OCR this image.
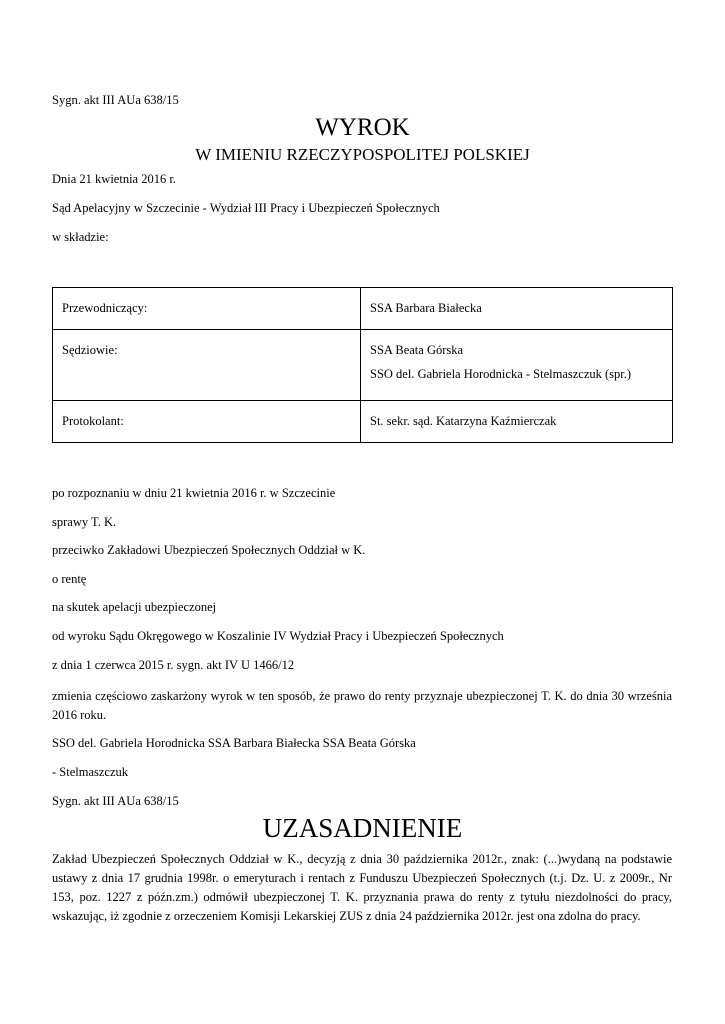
Sygn. akt III AUa 638/15
WYROK
W IMIENIU RZECZYPOSPOLITEJ POLSKIEJ
Dnia 21 kwietnia 2016 r.
Sąd Apelacyjny w Szczecinie - Wydział III Pracy i Ubezpieczeń Społecznych
w składzie:
Przewodniczący:	SSA Barbara Białecka

Sędziowie:	SSA Beata Górska
SSO del. Gabriela Horodnicka - Stelmaszczuk (spr.)

Protokolant:	St. sekr. sąd. Katarzyna Kaźmierczak
po rozpoznaniu w dniu 21 kwietnia 2016 r. w Szczecinie
sprawy T. K.
przeciwko Zakładowi Ubezpieczeń Społecznych Oddział w K.
o rentę
na skutek apelacji ubezpieczonej
od wyroku Sądu Okręgowego w Koszalinie IV Wydział Pracy i Ubezpieczeń Społecznych
z dnia 1 czerwca 2015 r. sygn. akt IV U 1466/12
zmienia częściowo zaskarżony wyrok w ten sposób, że prawo do renty przyznaje ubezpieczonej T. K. do dnia 30 września 2016 roku.
SSO del. Gabriela Horodnicka SSA Barbara Białecka SSA Beata Górska
- Stelmaszczuk
Sygn. akt III AUa 638/15
UZASADNIENIE
Zakład Ubezpieczeń Społecznych Oddział w K., decyzją z dnia 30 października 2012r., znak: (...)wydaną na podstawie ustawy z dnia 17 grudnia 1998r. o emeryturach i rentach z Funduszu Ubezpieczeń Społecznych (t.j. Dz. U. z 2009r., Nr 153, poz. 1227 z późn.zm.) odmówił ubezpieczonej T. K. przyznania prawa do renty z tytułu niezdolności do pracy, wskazując, iż zgodnie z orzeczeniem Komisji Lekarskiej ZUS z dnia 24 października 2012r. jest ona zdolna do pracy.
